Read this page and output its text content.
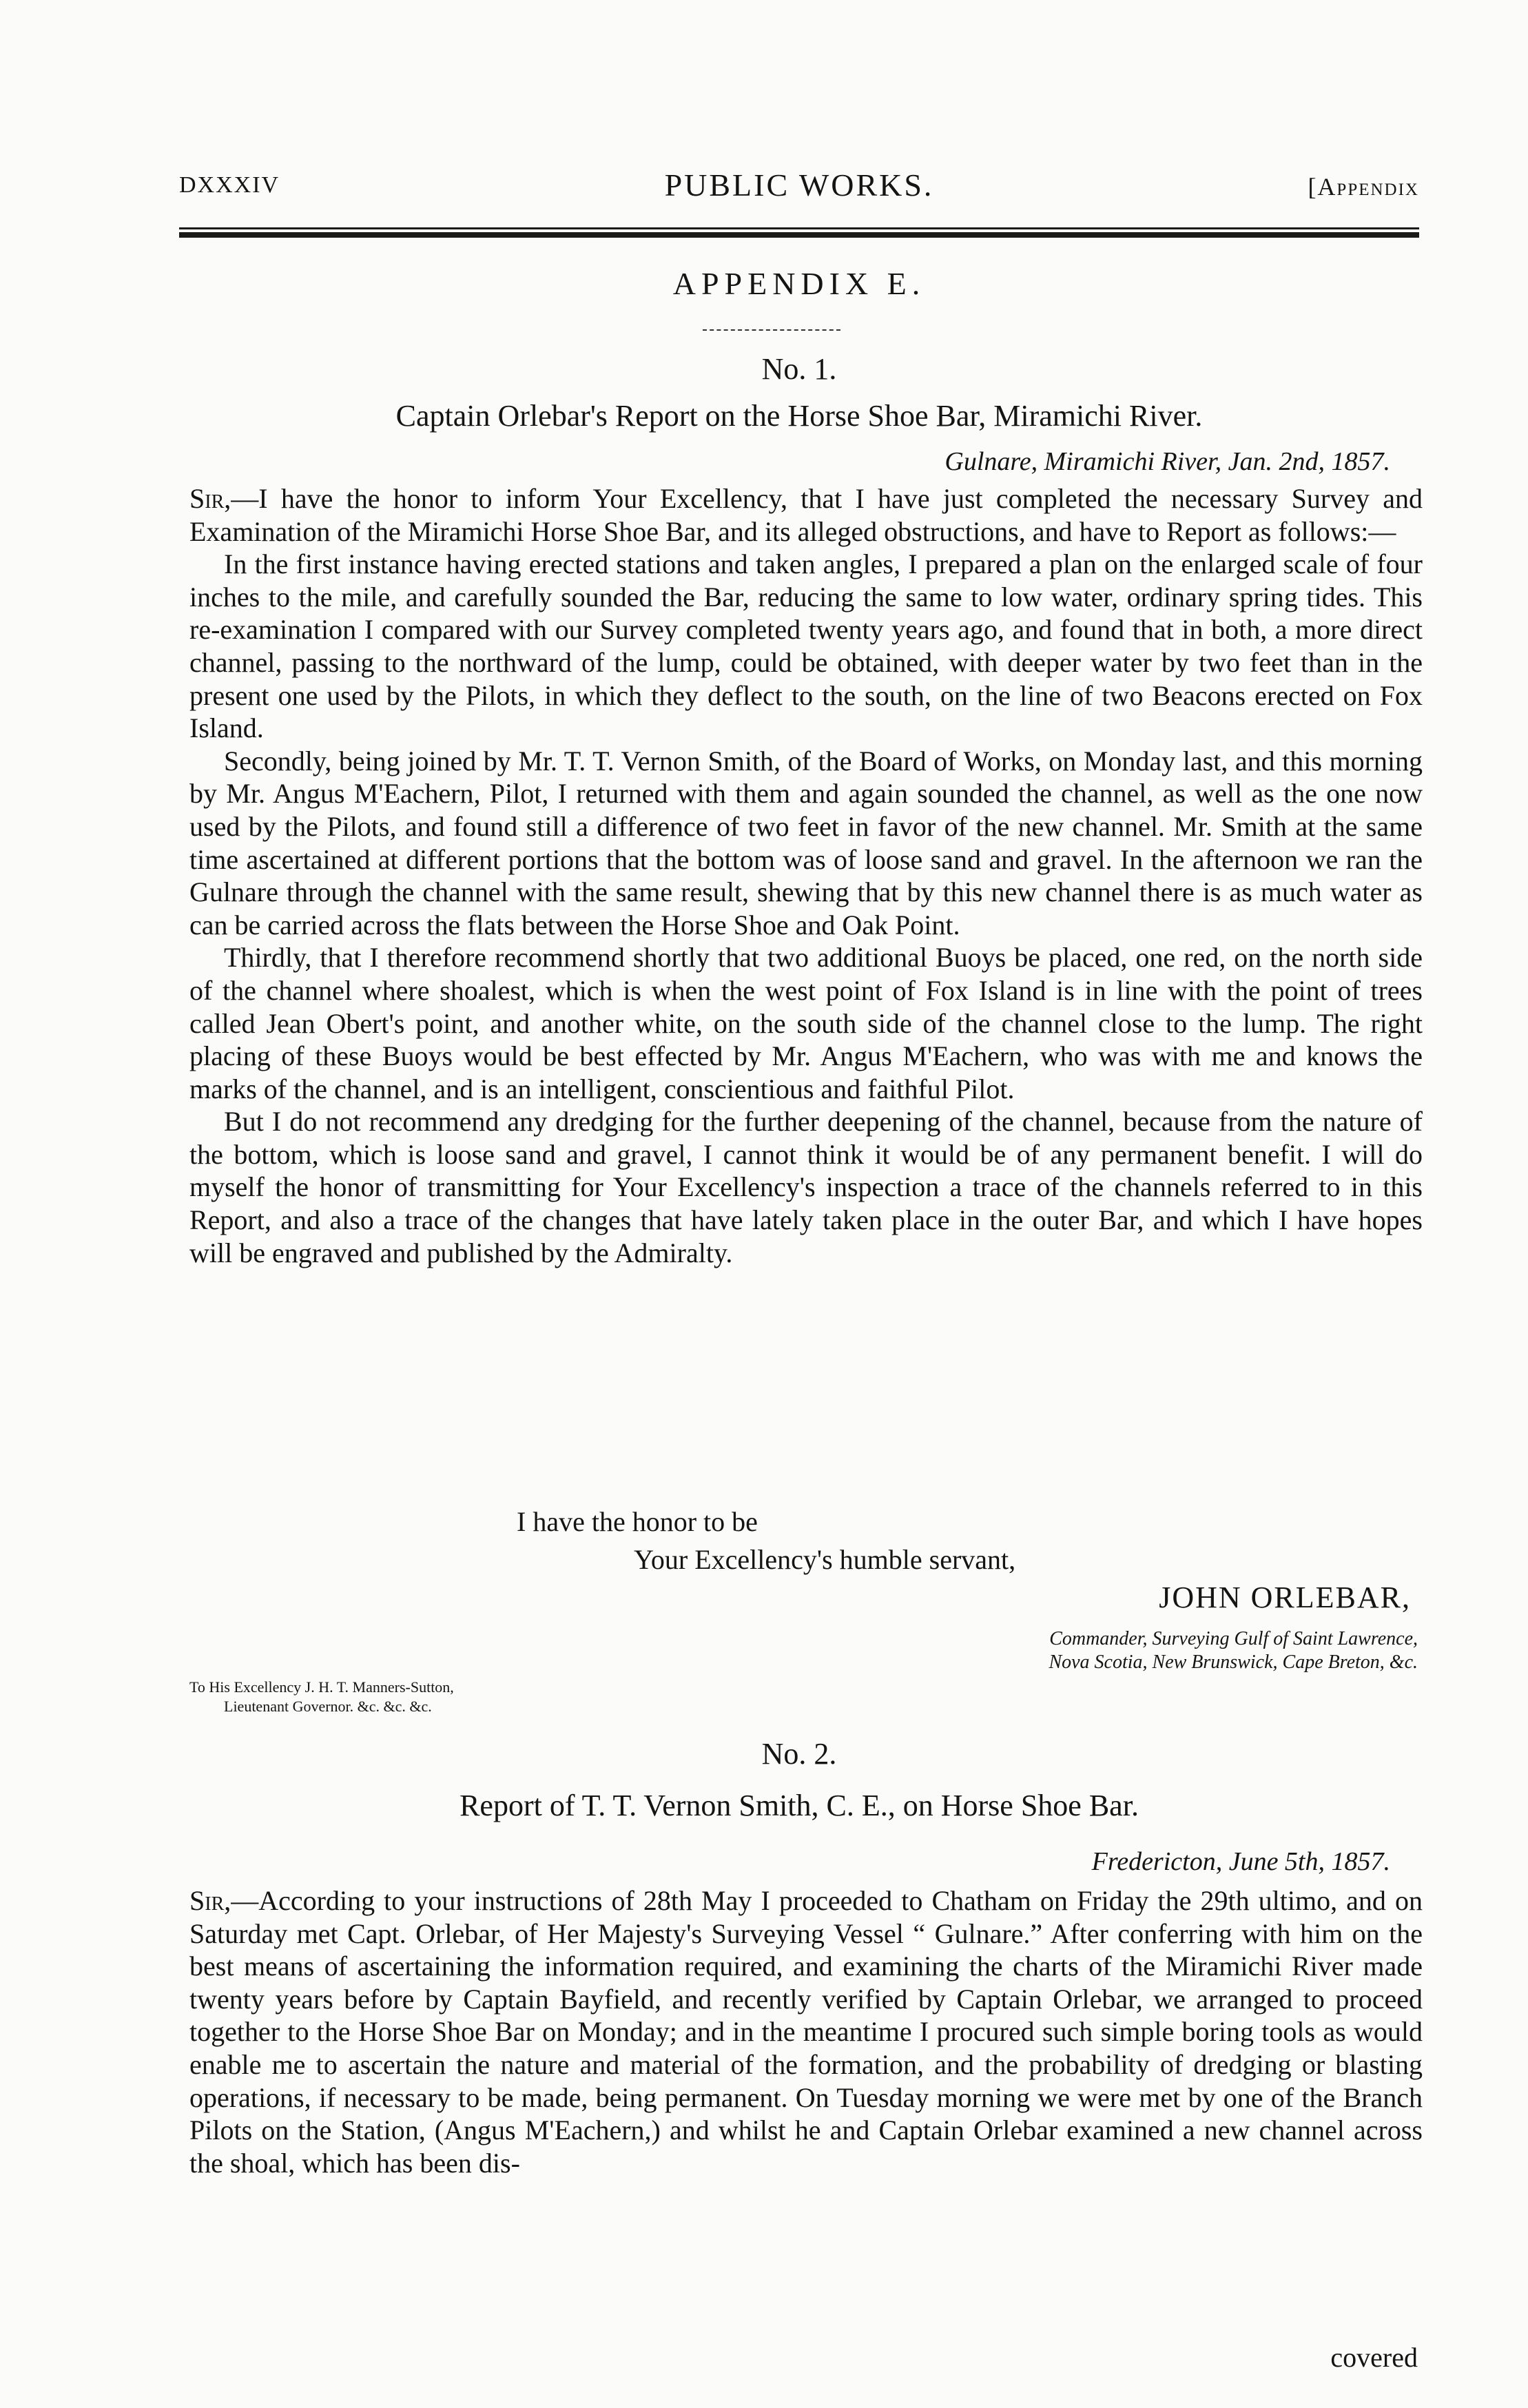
DXXXIV	PUBLIC WORKS.	[Appendix
APPENDIX E.
No. 1.
Captain Orlebar's Report on the Horse Shoe Bar, Miramichi River.
Gulnare, Miramichi River, Jan. 2nd, 1857.

Sir,—I have the honor to inform Your Excellency, that I have just completed the necessary Survey and Examination of the Miramichi Horse Shoe Bar, and its alleged obstructions, and have to Report as follows:—

In the first instance having erected stations and taken angles, I prepared a plan on the enlarged scale of four inches to the mile, and carefully sounded the Bar, reducing the same to low water, ordinary spring tides. This re-examination I compared with our Survey completed twenty years ago, and found that in both, a more direct channel, passing to the northward of the lump, could be obtained, with deeper water by two feet than in the present one used by the Pilots, in which they deflect to the south, on the line of two Beacons erected on Fox Island.

Secondly, being joined by Mr. T. T. Vernon Smith, of the Board of Works, on Monday last, and this morning by Mr. Angus M'Eachern, Pilot, I returned with them and again sounded the channel, as well as the one now used by the Pilots, and found still a difference of two feet in favor of the new channel. Mr. Smith at the same time ascertained at different portions that the bottom was of loose sand and gravel. In the afternoon we ran the Gulnare through the channel with the same result, shewing that by this new channel there is as much water as can be carried across the flats between the Horse Shoe and Oak Point.

Thirdly, that I therefore recommend shortly that two additional Buoys be placed, one red, on the north side of the channel where shoalest, which is when the west point of Fox Island is in line with the point of trees called Jean Obert's point, and another white, on the south side of the channel close to the lump. The right placing of these Buoys would be best effected by Mr. Angus M'Eachern, who was with me and knows the marks of the channel, and is an intelligent, conscientious and faithful Pilot.

But I do not recommend any dredging for the further deepening of the channel, because from the nature of the bottom, which is loose sand and gravel, I cannot think it would be of any permanent benefit. I will do myself the honor of transmitting for Your Excellency's inspection a trace of the channels referred to in this Report, and also a trace of the changes that have lately taken place in the outer Bar, and which I have hopes will be engraved and published by the Admiralty.

I have the honor to be
Your Excellency's humble servant,
JOHN ORLEBAR,
Commander, Surveying Gulf of Saint Lawrence,
Nova Scotia, New Brunswick, Cape Breton, &c.
To His Excellency J. H. T. Manners-Sutton,
Lieutenant Governor. &c. &c. &c.
No. 2.
Report of T. T. Vernon Smith, C. E., on Horse Shoe Bar.
Fredericton, June 5th, 1857.

Sir,—According to your instructions of 28th May I proceeded to Chatham on Friday the 29th ultimo, and on Saturday met Capt. Orlebar, of Her Majesty's Surveying Vessel “ Gulnare.” After conferring with him on the best means of ascertaining the information required, and examining the charts of the Miramichi River made twenty years before by Captain Bayfield, and recently verified by Captain Orlebar, we arranged to proceed together to the Horse Shoe Bar on Monday; and in the meantime I procured such simple boring tools as would enable me to ascertain the nature and material of the formation, and the probability of dredging or blasting operations, if necessary to be made, being permanent. On Tuesday morning we were met by one of the Branch Pilots on the Station, (Angus M'Eachern,) and whilst he and Captain Orlebar examined a new channel across the shoal, which has been dis-

covered
